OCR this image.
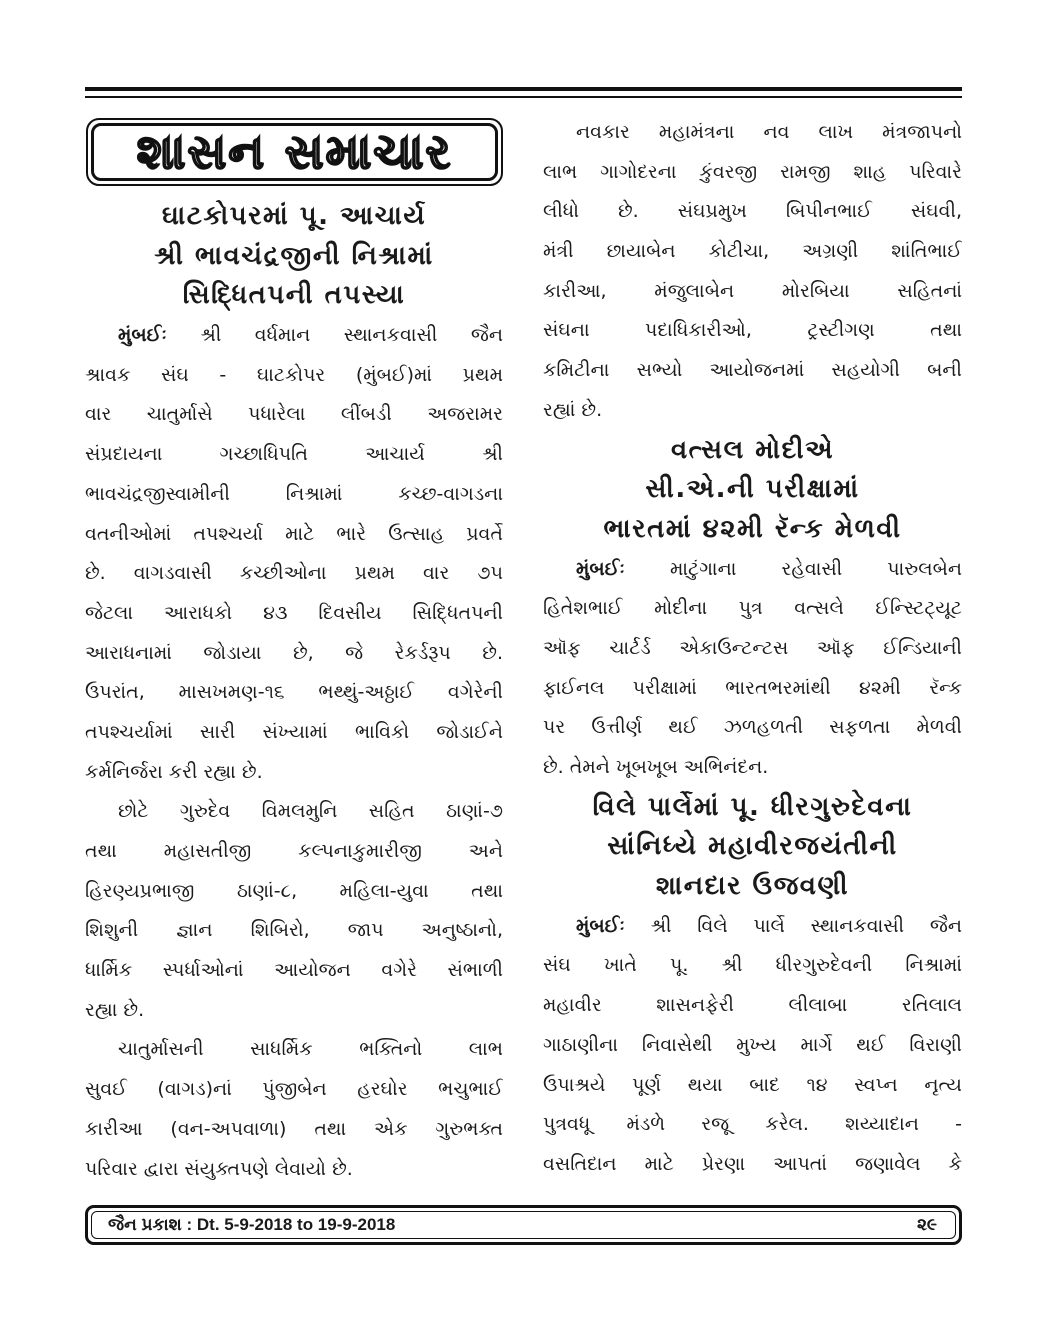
શાસન સમાચાર
ઘાટકોપરમાં પૂ. આચાર્ય
શ્રી ભાવચંદ્રજીની નિશ્રામાં
સિદ્ધિતપની તપસ્યા
મુંબઈઃ શ્રી વર્ધમાન સ્થાનકવાસી જૈન
શ્રાવક સંઘ - ઘાટકોપર (મુંબઈ)માં પ્રથમ
વાર ચાતુર્માસે પધારેલા લીંબડી અજરામર
સંપ્રદાયના ગચ્છાધિપતિ આચાર્ય શ્રી
ભાવચંદ્રજીસ્વામીની નિશ્રામાં કચ્છ-વાગડના
વતનીઓમાં તપશ્ચર્યા માટે ભારે ઉત્સાહ પ્રવર્તે
છે. વાગડવાસી કચ્છીઓના પ્રથમ વાર ૭૫
જેટલા આરાધકો ૪૩ દિવસીય સિદ્ધિતપની
આરાધનામાં જોડાયા છે, જે રેકર્ડરૂપ છે.
ઉપરાંત, માસખમણ-૧૬ ભથ્થું-અઠ્ઠાઈ વગેરેની
તપશ્ચર્યામાં સારી સંખ્યામાં ભાવિકો જોડાઈને
કર્મનિર્જરા કરી રહ્યા છે.
છોટે ગુરુદેવ વિમલમુનિ સહિત ઠાણાં-૭
તથા મહાસતીજી કલ્પનાકુમારીજી અને
હિરણ્યપ્રભાજી ઠાણાં-૮, મહિલા-યુવા તથા
શિશુની જ્ઞાન શિબિરો, જાપ અનુષ્ઠાનો,
ધાર્મિક સ્પર્ધાઓનાં આયોજન વગેરે સંભાળી
રહ્યા છે.
ચાતુર્માસની સાધર્મિક ભક્તિનો લાભ
સુવઈ (વાગડ)નાં પુંજીબેન હરઘોર ભચુભાઈ
કારીઆ (વન-અપવાળા) તથા એક ગુરુભક્ત
પરિવાર દ્વારા સંયુક્તપણે લેવાયો છે.
નવકાર મહામંત્રના નવ લાખ મંત્રજાપનો
લાભ ગાગોદરના કુંવરજી રામજી શાહ પરિવારે
લીધો છે. સંઘપ્રમુખ બિપીનભાઈ સંઘવી,
મંત્રી છાયાબેન કોટીચા, અગ્રણી શાંતિભાઈ
કારીઆ, મંજુલાબેન મોરબિયા સહિતનાં
સંઘના પદાધિકારીઓ, ટ્રસ્ટીગણ તથા
કમિટીના સભ્યો આયોજનમાં સહયોગી બની
રહ્યાં છે.
વત્સલ મોદીએ
સી.એ.ની પરીક્ષામાં
ભારતમાં ૪૨મી રૅન્ક મેળવી
મુંબઈઃ માટુંગાના રહેવાસી પારુલબેન
હિતેશભાઈ મોદીના પુત્ર વત્સલે ઈન્સ્ટિટ્યૂટ
ઑફ ચાર્ટર્ડ એકાઉન્ટન્ટસ ઑફ ઈન્ડિયાની
ફાઈનલ પરીક્ષામાં ભારતભરમાંથી ૪૨મી રૅન્ક
પર ઉત્તીર્ણ થઈ ઝળહળતી સફળતા મેળવી
છે. તેમને ખૂબખૂબ અભિનંદન.
વિલે પાર્લેમાં પૂ. ધીરગુરુદેવના
સાંનિધ્યે મહાવીરજયંતીની
શાનદાર ઉજવણી
મુંબઈઃ શ્રી વિલે પાર્લે સ્થાનકવાસી જૈન
સંઘ ખાતે પૂ. શ્રી ધીરગુરુદેવની નિશ્રામાં
મહાવીર શાસનફેરી લીલાબા રતિલાલ
ગાઠાણીના નિવાસેથી મુખ્ય માર્ગે થઈ વિરાણી
ઉપાશ્રયે પૂર્ણ થયા બાદ ૧૪ સ્વપ્ન નૃત્ય
પુત્રવધૂ મંડળે રજૂ કરેલ. શય્યાદાન -
વસતિદાન માટે પ્રેરણા આપતાં જણાવેલ કે
જૈન પ્રકાશ : Dt. 5-9-2018 to 19-9-2018	૨૯
